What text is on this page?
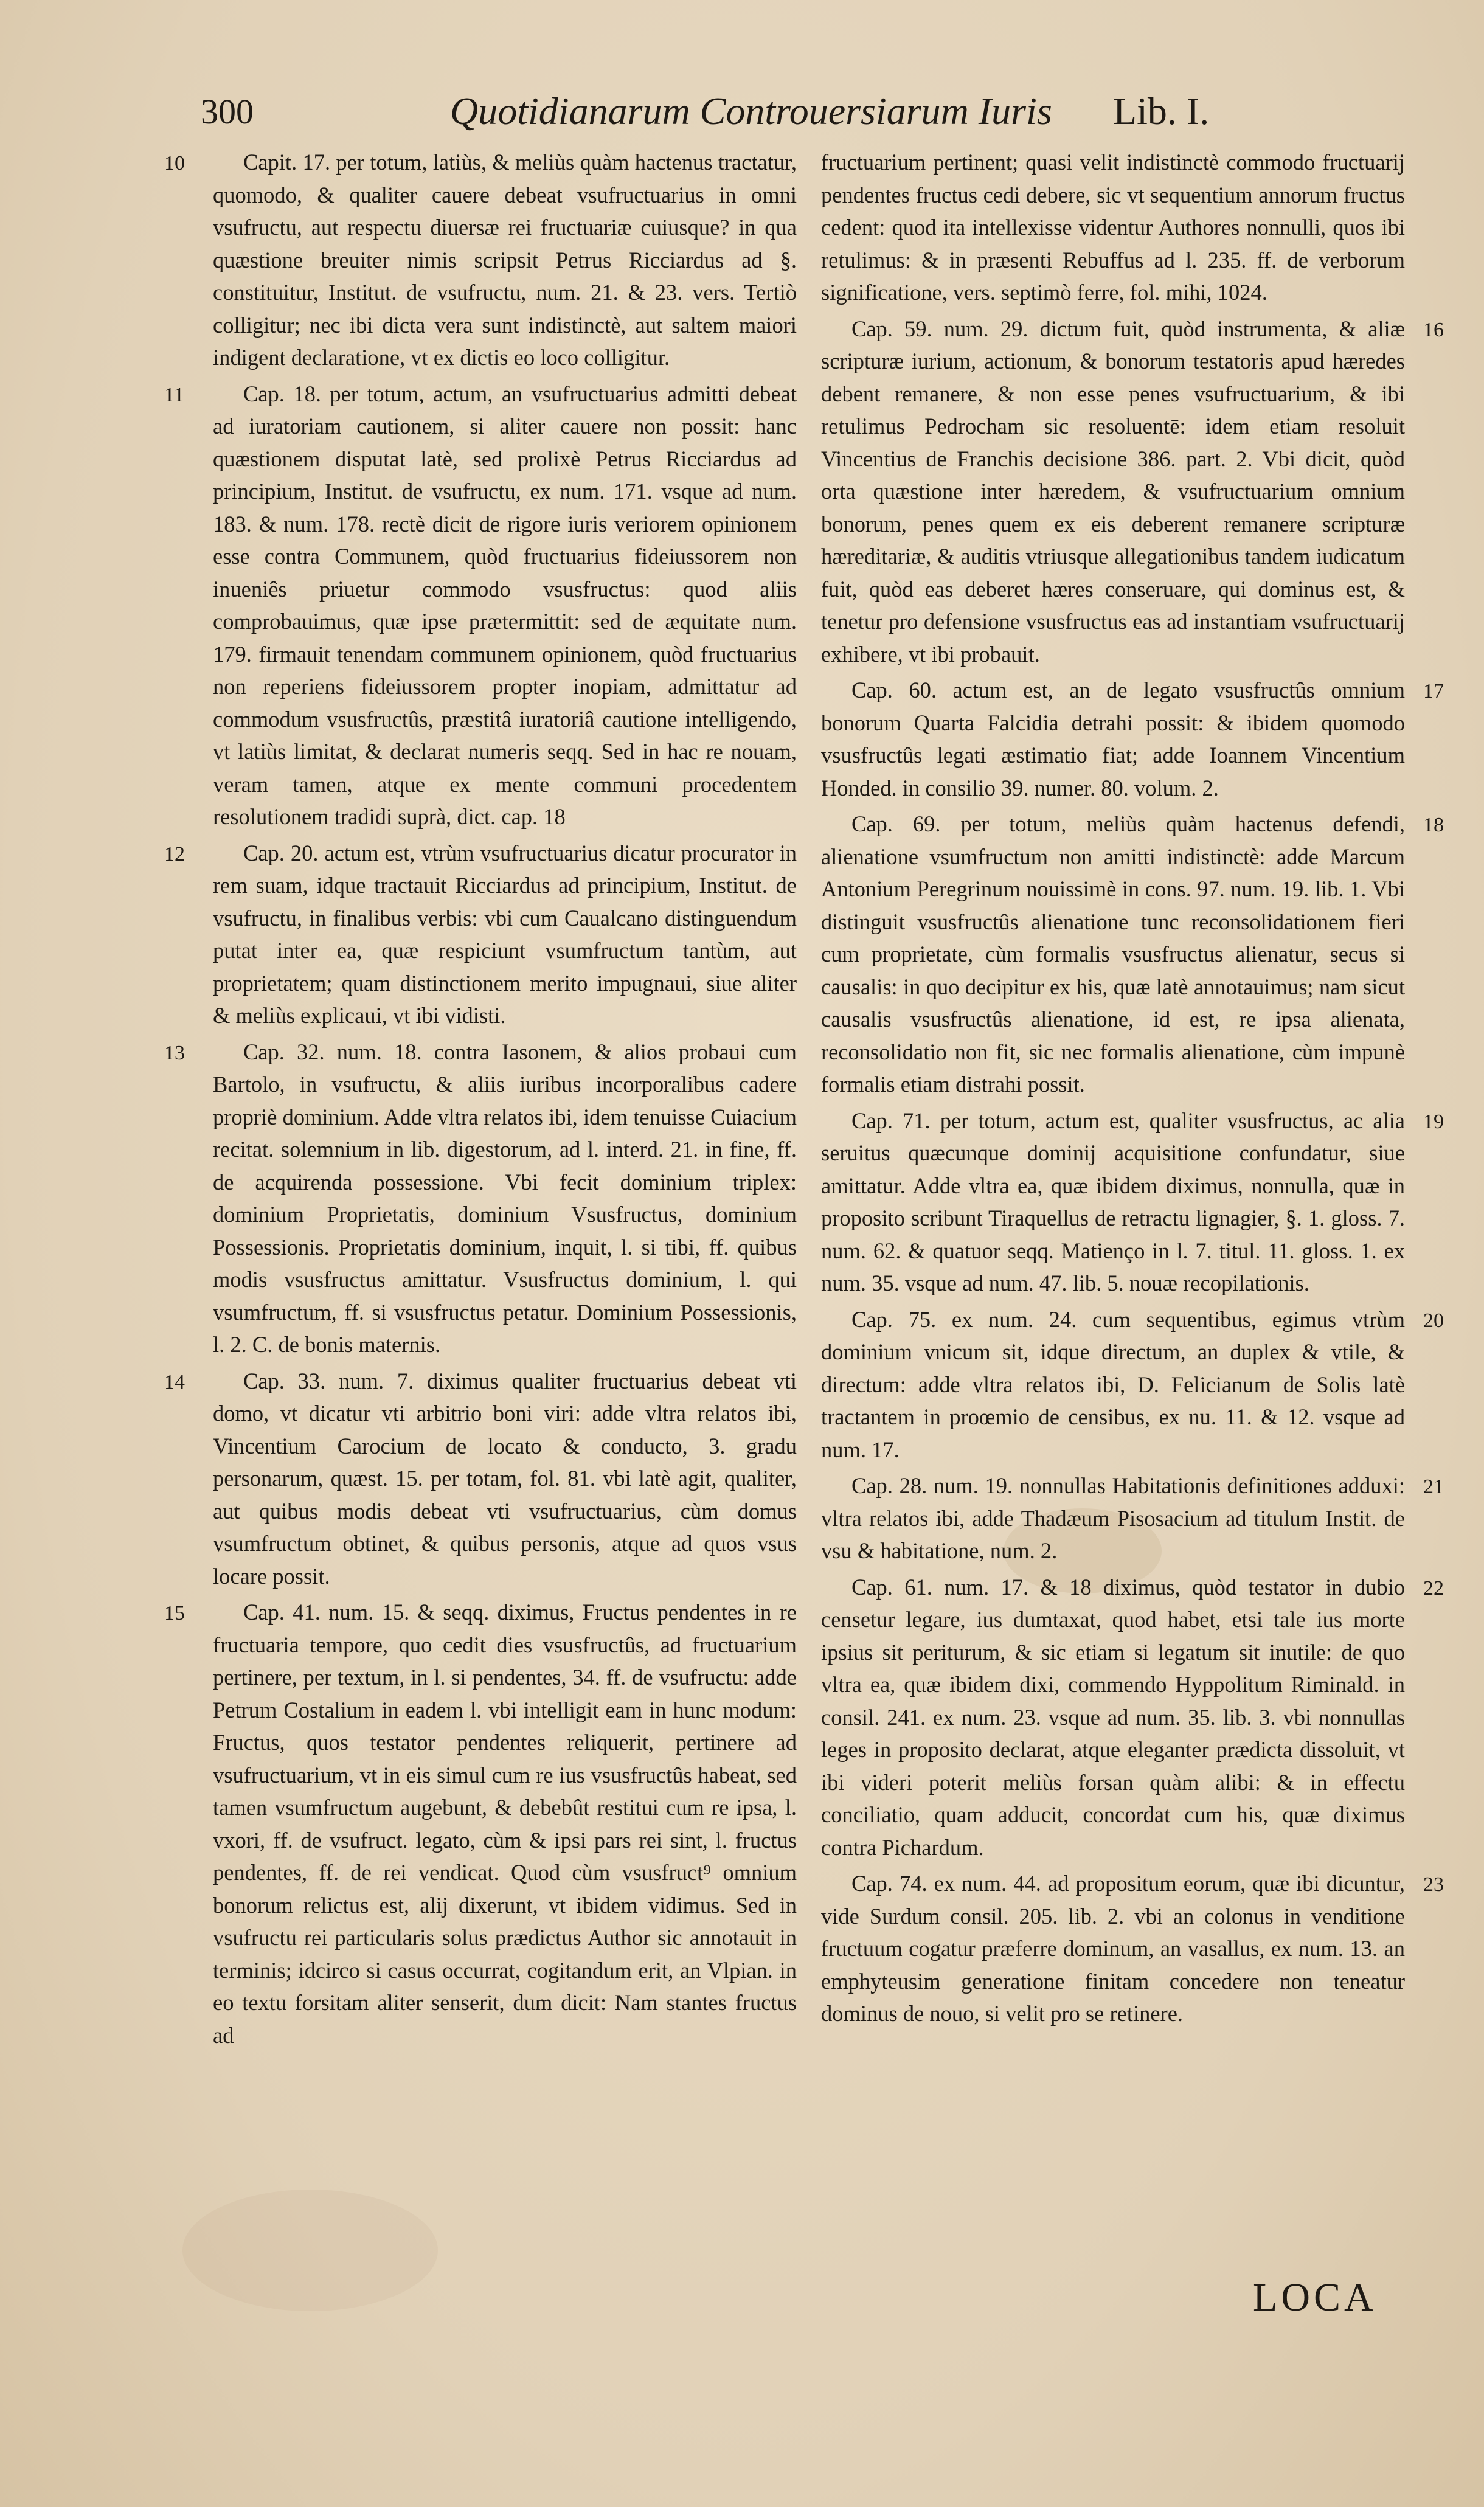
300	Quotidianarum Controuersiarum Iuris Lib. I.

10	Capit. 17. per totum, latiùs, & meliùs quàm hactenus tractatur, quomodo, & qualiter cauere debeat vsufructuarius in omni vsufructu, aut respectu diuersæ rei fructuariæ cuiusque? in qua quæstione breuiter nimis scripsit Petrus Ricciardus ad §. constituitur, Institut. de vsufructu, num. 21. & 23. vers. Tertiò colligitur; nec ibi dicta vera sunt indistinctè, aut saltem maiori indigent declaratione, vt ex dictis eo loco colligitur.

11	Cap. 18. per totum, actum, an vsufructuarius admitti debeat ad iuratoriam cautionem, si aliter cauere non possit: hanc quæstionem disputat latè, sed prolixè Petrus Ricciardus ad principium, Institut. de vsufructu, ex num. 171. vsque ad num. 183. & num. 178. rectè dicit de rigore iuris veriorem opinionem esse contra Communem, quòd fructuarius fideiussorem non inueniês priuetur commodo vsusfructus: quod aliis comprobauimus, quæ ipse prætermittit: sed de æquitate num. 179. firmauit tenendam communem opinionem, quòd fructuarius non reperiens fideiussorem propter inopiam, admittatur ad commodum vsusfructûs, præstitâ iuratoriâ cautione intelligendo, vt latiùs limitat, & declarat numeris seqq. Sed in hac re nouam, veram tamen, atque ex mente communi procedentem resolutionem tradidi suprà, dict. cap. 18

12	Cap. 20. actum est, vtrùm vsufructuarius dicatur procurator in rem suam, idque tractauit Ricciardus ad principium, Institut. de vsufructu, in finalibus verbis: vbi cum Caualcano distinguendum putat inter ea, quæ respiciunt vsumfructum tantùm, aut proprietatem; quam distinctionem merito impugnaui, siue aliter & meliùs explicaui, vt ibi vidisti.

13	Cap. 32. num. 18. contra Iasonem, & alios probaui cum Bartolo, in vsufructu, & aliis iuribus incorporalibus cadere propriè dominium. Adde vltra relatos ibi, idem tenuisse Cuiacium recitat. solemnium in lib. digestorum, ad l. interd. 21. in fine, ff. de acquirenda possessione. Vbi fecit dominium triplex: dominium Proprietatis, dominium Vsusfructus, dominium Possessionis. Proprietatis dominium, inquit, l. si tibi, ff. quibus modis vsusfructus amittatur. Vsusfructus dominium, l. qui vsumfructum, ff. si vsusfructus petatur. Dominium Possessionis, l. 2. C. de bonis maternis.

14	Cap. 33. num. 7. diximus qualiter fructuarius debeat vti domo, vt dicatur vti arbitrio boni viri: adde vltra relatos ibi, Vincentium Carocium de locato & conducto, 3. gradu personarum, quæst. 15. per totam, fol. 81. vbi latè agit, qualiter, aut quibus modis debeat vti vsufructuarius, cùm domus vsumfructum obtinet, & quibus personis, atque ad quos vsus locare possit.

15	Cap. 41. num. 15. & seqq. diximus, Fructus pendentes in re fructuaria tempore, quo cedit dies vsusfructûs, ad fructuarium pertinere, per textum, in l. si pendentes, 34. ff. de vsufructu: adde Petrum Costalium in eadem l. vbi intelligit eam in hunc modum: Fructus, quos testator pendentes reliquerit, pertinere ad vsufructuarium, vt in eis simul cum re ius vsusfructûs habeat, sed tamen vsumfructum augebunt, & debebût restitui cum re ipsa, l. vxori, ff. de vsufruct. legato, cùm & ipsi pars rei sint, l. fructus pendentes, ff. de rei vendicat. Quod cùm vsusfruct⁹ omnium bonorum relictus est, alij dixerunt, vt ibidem vidimus. Sed in vsufructu rei particularis solus prædictus Author sic annotauit in terminis; idcirco si casus occurrat, cogitandum erit, an Vlpian. in eo textu forsitam aliter senserit, dum dicit: Nam stantes fructus ad

fructuarium pertinent; quasi velit indistinctè commodo fructuarij pendentes fructus cedi debere, sic vt sequentium annorum fructus cedent: quod ita intellexisse videntur Authores nonnulli, quos ibi retulimus: & in præsenti Rebuffus ad l. 235. ff. de verborum significatione, vers. septimò ferre, fol. mihi, 1024.

16
Cap. 59. num. 29. dictum fuit, quòd instrumenta, & aliæ scripturæ iurium, actionum, & bonorum testatoris apud hæredes debent remanere, & non esse penes vsufructuarium, & ibi retulimus Pedrocham sic resoluentē: idem etiam resoluit Vincentius de Franchis decisione 386. part. 2. Vbi dicit, quòd orta quæstione inter hæredem, & vsufructuarium omnium bonorum, penes quem ex eis deberent remanere scripturæ hæreditariæ, & auditis vtriusque allegationibus tandem iudicatum fuit, quòd eas deberet hæres conseruare, qui dominus est, & tenetur pro defensione vsusfructus eas ad instantiam vsufructuarij exhibere, vt ibi probauit.

17
Cap. 60. actum est, an de legato vsusfructûs omnium bonorum Quarta Falcidia detrahi possit: & ibidem quomodo vsusfructûs legati æstimatio fiat; adde Ioannem Vincentium Honded. in consilio 39. numer. 80. volum. 2.

18
Cap. 69. per totum, meliùs quàm hactenus defendi, alienatione vsumfructum non amitti indistinctè: adde Marcum Antonium Peregrinum nouissimè in cons. 97. num. 19. lib. 1. Vbi distinguit vsusfructûs alienatione tunc reconsolidationem fieri cum proprietate, cùm formalis vsusfructus alienatur, secus si causalis: in quo decipitur ex his, quæ latè annotauimus; nam sicut causalis vsusfructûs alienatione, id est, re ipsa alienata, reconsolidatio non fit, sic nec formalis alienatione, cùm impunè formalis etiam distrahi possit.

19
Cap. 71. per totum, actum est, qualiter vsusfructus, ac alia seruitus quæcunque dominij acquisitione confundatur, siue amittatur. Adde vltra ea, quæ ibidem diximus, nonnulla, quæ in proposito scribunt Tiraquellus de retractu lignagier, §. 1. gloss. 7. num. 62. & quatuor seqq. Matienço in l. 7. titul. 11. gloss. 1. ex num. 35. vsque ad num. 47. lib. 5. nouæ recopilationis.

20
Cap. 75. ex num. 24. cum sequentibus, egimus vtrùm dominium vnicum sit, idque directum, an duplex & vtile, & directum: adde vltra relatos ibi, D. Felicianum de Solis latè tractantem in proœmio de censibus, ex nu. 11. & 12. vsque ad num. 17.

21
Cap. 28. num. 19. nonnullas Habitationis definitiones adduxi: vltra relatos ibi, adde Thadæum Pisosacium ad titulum Instit. de vsu & habitatione, num. 2.

22
Cap. 61. num. 17. & 18 diximus, quòd testator in dubio censetur legare, ius dumtaxat, quod habet, etsi tale ius morte ipsius sit periturum, & sic etiam si legatum sit inutile: de quo vltra ea, quæ ibidem dixi, commendo Hyppolitum Riminald. in consil. 241. ex num. 23. vsque ad num. 35. lib. 3. vbi nonnullas leges in proposito declarat, atque eleganter prædicta dissoluit, vt ibi videri poterit meliùs forsan quàm alibi: & in effectu conciliatio, quam adducit, concordat cum his, quæ diximus contra Pichardum.

23
Cap. 74. ex num. 44. ad propositum eorum, quæ ibi dicuntur, vide Surdum consil. 205. lib. 2. vbi an colonus in venditione fructuum cogatur præferre dominum, an vasallus, ex num. 13. an emphyteusim generatione finitam concedere non teneatur dominus de nouo, si velit pro se retinere.

LOCA
